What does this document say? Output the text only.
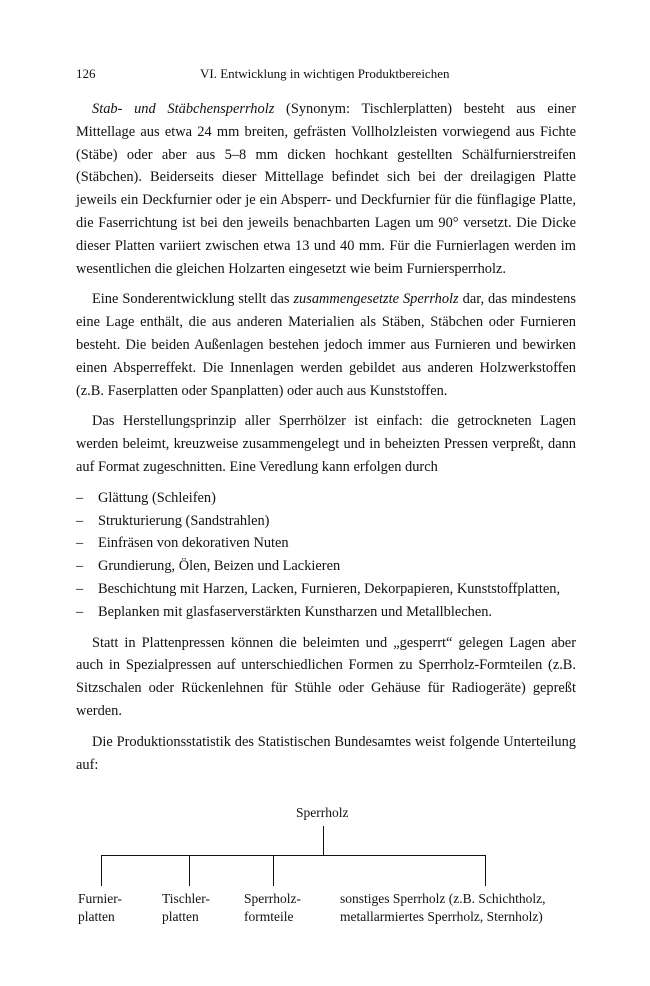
126	VI. Entwicklung in wichtigen Produktbereichen

Stab- und Stäbchensperrholz (Synonym: Tischlerplatten) besteht aus einer Mittellage aus etwa 24 mm breiten, gefrästen Vollholzleisten vorwiegend aus Fichte (Stäbe) oder aber aus 5–8 mm dicken hochkant gestellten Schälfurnierstreifen (Stäbchen). Beiderseits dieser Mittellage befindet sich bei der dreilagigen Platte jeweils ein Deckfurnier oder je ein Absperr- und Deckfurnier für die fünflagige Platte, die Faserrichtung ist bei den jeweils benachbarten Lagen um 90° versetzt. Die Dicke dieser Platten variiert zwischen etwa 13 und 40 mm. Für die Furnierlagen werden im wesentlichen die gleichen Holzarten eingesetzt wie beim Furniersperrholz.

Eine Sonderentwicklung stellt das zusammengesetzte Sperrholz dar, das mindestens eine Lage enthält, die aus anderen Materialien als Stäben, Stäbchen oder Furnieren besteht. Die beiden Außenlagen bestehen jedoch immer aus Furnieren und bewirken einen Absperreffekt. Die Innenlagen werden gebildet aus anderen Holzwerkstoffen (z.B. Faserplatten oder Spanplatten) oder auch aus Kunststoffen.

Das Herstellungsprinzip aller Sperrhölzer ist einfach: die getrockneten Lagen werden beleimt, kreuzweise zusammengelegt und in beheizten Pressen verpreßt, dann auf Format zugeschnitten. Eine Veredlung kann erfolgen durch

– Glättung (Schleifen)
– Strukturierung (Sandstrahlen)
– Einfräsen von dekorativen Nuten
– Grundierung, Ölen, Beizen und Lackieren
– Beschichtung mit Harzen, Lacken, Furnieren, Dekorpapieren, Kunststoffplatten,
– Beplanken mit glasfaserverstärkten Kunstharzen und Metallblechen.

Statt in Plattenpressen können die beleimten und „gesperrt“ gelegen Lagen aber auch in Spezialpressen auf unterschiedlichen Formen zu Sperrholz-Formteilen (z.B. Sitzschalen oder Rückenlehnen für Stühle oder Gehäuse für Radiogeräte) gepreßt werden.

Die Produktionsstatistik des Statistischen Bundesamtes weist folgende Unterteilung auf:

Sperrholz
Furnier-
platten
Tischler-
platten
Sperrholz-
formteile
sonstiges Sperrholz (z.B. Schichtholz,
metallarmiertes Sperrholz, Sternholz)
